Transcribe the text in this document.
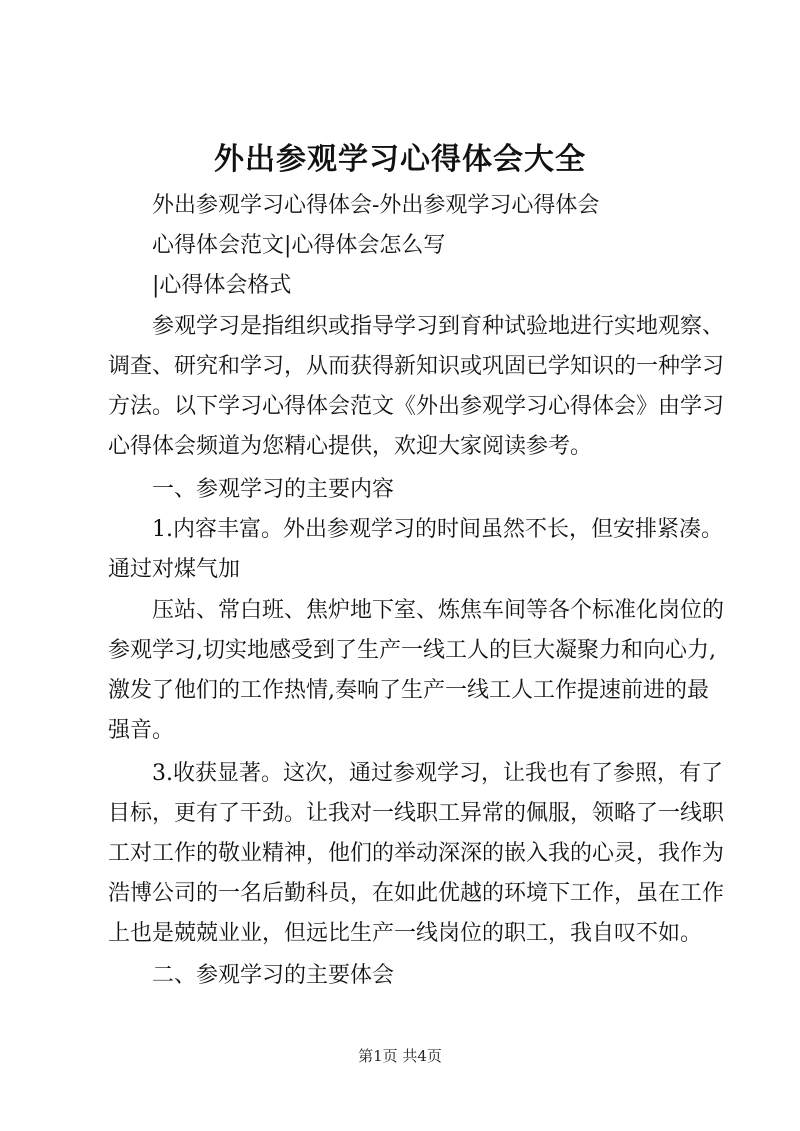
外出参观学习心得体会大全

外出参观学习心得体会-外出参观学习心得体会

心得体会范文|心得体会怎么写

|心得体会格式

参观学习是指组织或指导学习到育种试验地进行实地观察、

调查、研究和学习，从而获得新知识或巩固已学知识的一种学习

方法。以下学习心得体会范文《外出参观学习心得体会》由学习

心得体会频道为您精心提供，欢迎大家阅读参考。

一、参观学习的主要内容

1.内容丰富。外出参观学习的时间虽然不长，但安排紧凑。

通过对煤气加

压站、常白班、焦炉地下室、炼焦车间等各个标准化岗位的

参观学习,切实地感受到了生产一线工人的巨大凝聚力和向心力,

激发了他们的工作热情,奏响了生产一线工人工作提速前进的最

强音。

3.收获显著。这次，通过参观学习，让我也有了参照，有了

目标，更有了干劲。让我对一线职工异常的佩服，领略了一线职

工对工作的敬业精神，他们的举动深深的嵌入我的心灵，我作为

浩博公司的一名后勤科员，在如此优越的环境下工作，虽在工作

上也是兢兢业业，但远比生产一线岗位的职工，我自叹不如。

二、参观学习的主要体会

第1页 共4页
